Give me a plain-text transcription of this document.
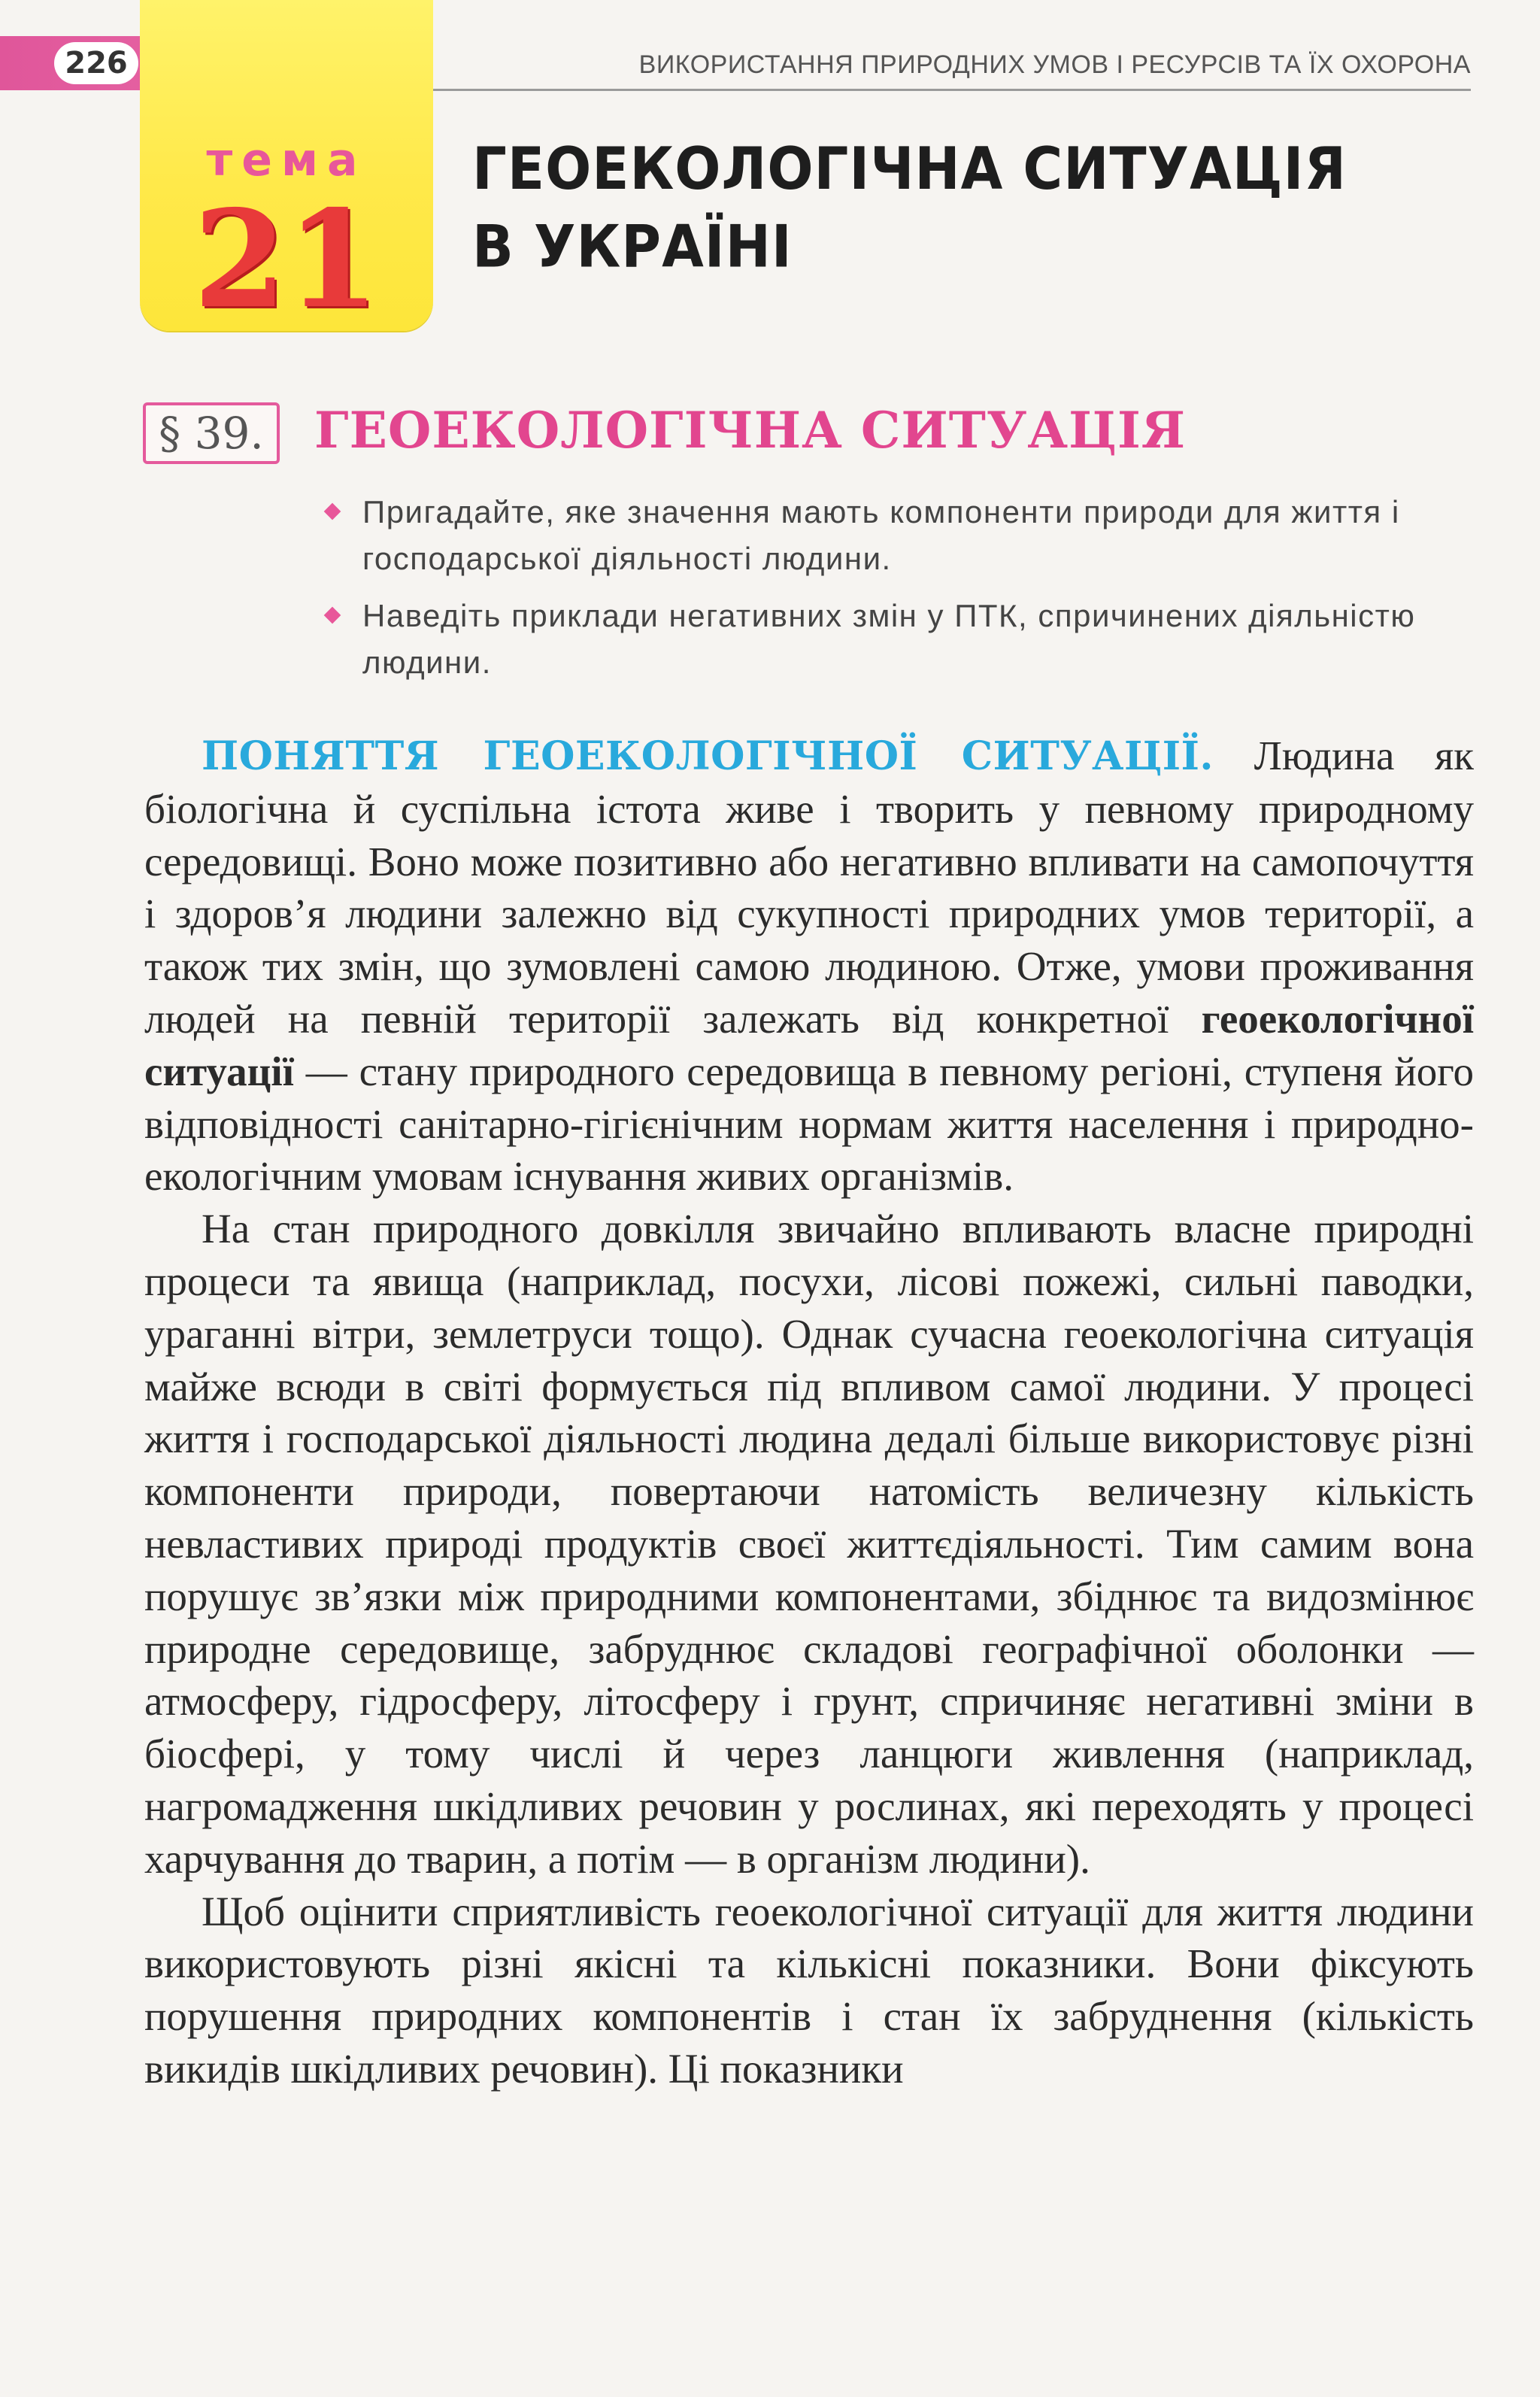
226	ВИКОРИСТАННЯ ПРИРОДНИХ УМОВ І РЕСУРСІВ ТА ЇХ ОХОРОНА
тема
21
ГЕОЕКОЛОГІЧНА СИТУАЦІЯ
В УКРАЇНІ
§ 39.	ГЕОЕКОЛОГІЧНА СИТУАЦІЯ
Пригадайте, яке значення мають компоненти природи для життя і господарської діяльності людини.
Наведіть приклади негативних змін у ПТК, спричинених діяльністю людини.

ПОНЯТТЯ ГЕОЕКОЛОГІЧНОЇ СИТУАЦІЇ. Людина як біологічна й суспільна істота живе і творить у певному природному середовищі. Воно може позитивно або негативно впливати на самопочуття і здоров’я людини залежно від сукупності природних умов території, а також тих змін, що зумовлені самою людиною. Отже, умови проживання людей на певній території залежать від конкретної геоекологічної ситуації — стану природного середовища в певному регіоні, ступеня його відповідності санітарно-гігієнічним нормам життя населення і природно-екологічним умовам існування живих організмів.

На стан природного довкілля звичайно впливають власне природні процеси та явища (наприклад, посухи, лісові пожежі, сильні паводки, ураганні вітри, землетруси тощо). Однак сучасна геоекологічна ситуація майже всюди в світі формується під впливом самої людини. У процесі життя і господарської діяльності людина дедалі більше використовує різні компоненти природи, повертаючи натомість величезну кількість невластивих природі продуктів своєї життєдіяльності. Тим самим вона порушує зв’язки між природними компонентами, збіднює та видозмінює природне середовище, забруднює складові географічної оболонки — атмосферу, гідросферу, літосферу і грунт, спричиняє негативні зміни в біосфері, у тому числі й через ланцюги живлення (наприклад, нагромадження шкідливих речовин у рослинах, які переходять у процесі харчування до тварин, а потім — в організм людини).

Щоб оцінити сприятливість геоекологічної ситуації для життя людини використовують різні якісні та кількісні показники. Вони фіксують порушення природних компонентів і стан їх забруднення (кількість викидів шкідливих речовин). Ці показники
